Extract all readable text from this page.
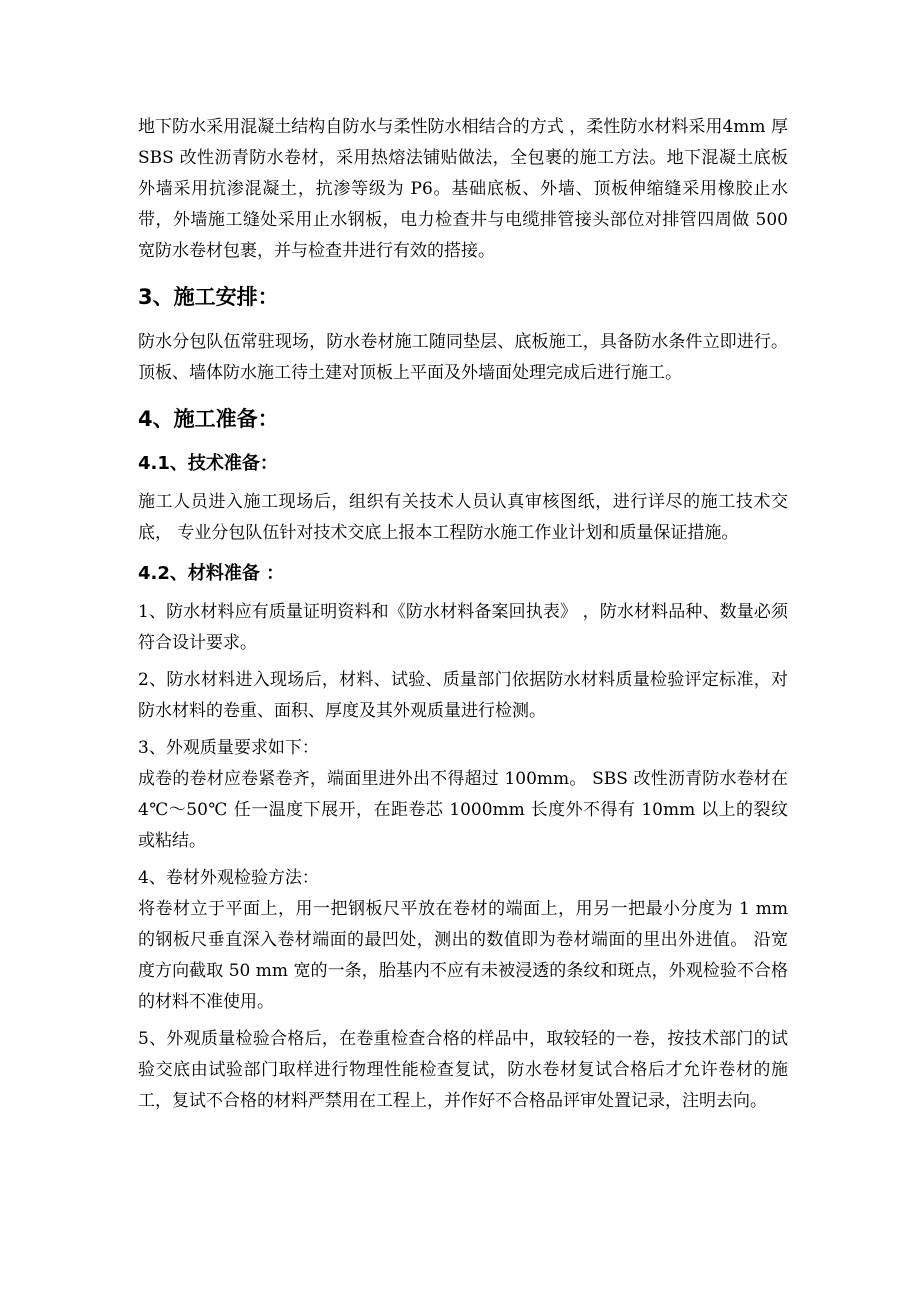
地下防水采用混凝土结构自防水与柔性防水相结合的方式 ，柔性防水材料采用4mm 厚 SBS 改性沥青防水卷材，采用热熔法铺贴做法，全包裹的施工方法。地下混凝土底板外墙采用抗渗混凝土，抗渗等级为 P6。基础底板、外墙、顶板伸缩缝采用橡胶止水带，外墙施工缝处采用止水钢板，电力检查井与电缆排管接头部位对排管四周做 500 宽防水卷材包裹，并与检查井进行有效的搭接。

3、施工安排：

防水分包队伍常驻现场，防水卷材施工随同垫层、底板施工，具备防水条件立即进行。顶板、墙体防水施工待土建对顶板上平面及外墙面处理完成后进行施工。

4、施工准备：
4.1、技术准备：

施工人员进入施工现场后，组织有关技术人员认真审核图纸，进行详尽的施工技术交底， 专业分包队伍针对技术交底上报本工程防水施工作业计划和质量保证措施。

4.2、材料准备 ：

1、防水材料应有质量证明资料和《防水材料备案回执表》 ，防水材料品种、数量必须符合设计要求。

2、防水材料进入现场后，材料、试验、质量部门依据防水材料质量检验评定标准，对防水材料的卷重、面积、厚度及其外观质量进行检测。

3、外观质量要求如下：

成卷的卷材应卷紧卷齐，端面里进外出不得超过 100mm。 SBS 改性沥青防水卷材在 4℃～50℃ 任一温度下展开，在距卷芯 1000mm 长度外不得有 10mm 以上的裂纹或粘结。

4、卷材外观检验方法：

将卷材立于平面上，用一把钢板尺平放在卷材的端面上，用另一把最小分度为 1 mm 的钢板尺垂直深入卷材端面的最凹处，测出的数值即为卷材端面的里出外进值。 沿宽度方向截取 50 mm 宽的一条，胎基内不应有未被浸透的条纹和斑点，外观检验不合格的材料不准使用。

5、外观质量检验合格后，在卷重检查合格的样品中，取较轻的一卷，按技术部门的试验交底由试验部门取样进行物理性能检查复试，防水卷材复试合格后才允许卷材的施工，复试不合格的材料严禁用在工程上，并作好不合格品评审处置记录，注明去向。
